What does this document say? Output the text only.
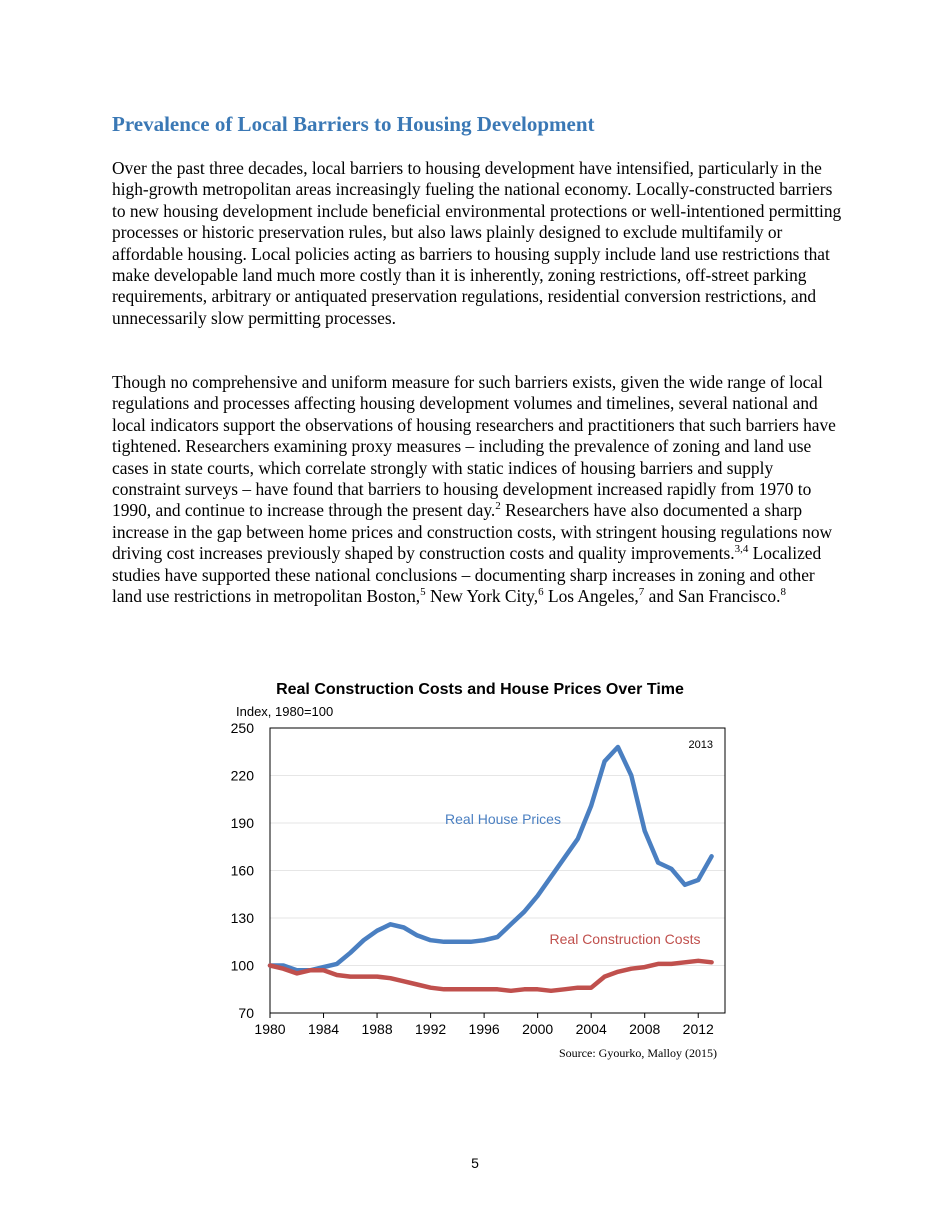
Prevalence of Local Barriers to Housing Development

Over the past three decades, local barriers to housing development have intensified, particularly in the high-growth metropolitan areas increasingly fueling the national economy. Locally-constructed barriers to new housing development include beneficial environmental protections or well-intentioned permitting processes or historic preservation rules, but also laws plainly designed to exclude multifamily or affordable housing. Local policies acting as barriers to housing supply include land use restrictions that make developable land much more costly than it is inherently, zoning restrictions, off-street parking requirements, arbitrary or antiquated preservation regulations, residential conversion restrictions, and unnecessarily slow permitting processes.

Though no comprehensive and uniform measure for such barriers exists, given the wide range of local regulations and processes affecting housing development volumes and timelines, several national and local indicators support the observations of housing researchers and practitioners that such barriers have tightened. Researchers examining proxy measures – including the prevalence of zoning and land use cases in state courts, which correlate strongly with static indices of housing barriers and supply constraint surveys – have found that barriers to housing development increased rapidly from 1970 to 1990, and continue to increase through the present day.$^2$ Researchers have also documented a sharp increase in the gap between home prices and construction costs, with stringent housing regulations now driving cost increases previously shaped by construction costs and quality improvements.$^{3,4}$ Localized studies have supported these national conclusions – documenting sharp increases in zoning and other land use restrictions in metropolitan Boston,$^5$ New York City,$^6$ Los Angeles,$^7$ and San Francisco.$^8$

Real Construction Costs and House Prices Over Time
Index, 1980=100
70
100
130
160
190
220
250
1980 1984 1988 1992 1996 2000 2004 2008 2012
2013
Real House Prices
Real Construction Costs
Source: Gyourko, Malloy (2015)
5
